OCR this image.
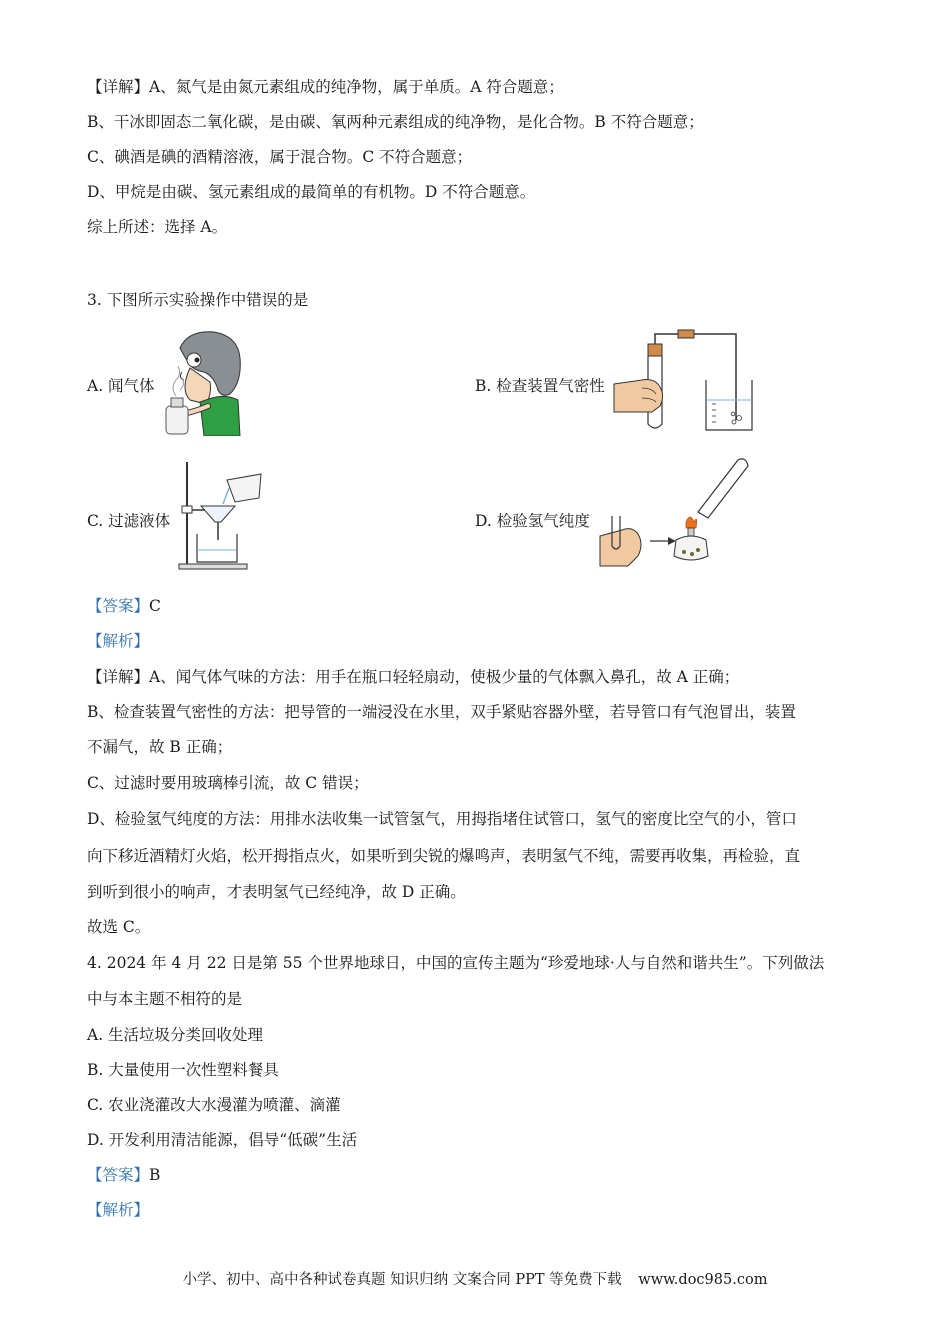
【详解】A、氮气是由氮元素组成的纯净物，属于单质。A 符合题意；
B、干冰即固态二氧化碳，是由碳、氧两种元素组成的纯净物，是化合物。B 不符合题意；
C、碘酒是碘的酒精溶液，属于混合物。C 不符合题意；
D、甲烷是由碳、氢元素组成的最简单的有机物。D 不符合题意。
综上所述：选择 A。
3. 下图所示实验操作中错误的是
A. 闻气体	B. 检查装置气密性
C. 过滤液体	D. 检验氢气纯度
【答案】C
【解析】
【详解】A、闻气体气味的方法：用手在瓶口轻轻扇动，使极少量的气体飘入鼻孔，故 A 正确；
B、检查装置气密性的方法：把导管的一端浸没在水里，双手紧贴容器外壁，若导管口有气泡冒出，装置
不漏气，故 B 正确；
C、过滤时要用玻璃棒引流，故 C 错误；
D、检验氢气纯度的方法：用排水法收集一试管氢气，用拇指堵住试管口，氢气的密度比空气的小，管口
向下移近酒精灯火焰，松开拇指点火，如果听到尖锐的爆鸣声，表明氢气不纯，需要再收集，再检验，直
到听到很小的响声，才表明氢气已经纯净，故 D 正确。
故选 C。
4. 2024 年 4 月 22 日是第 55 个世界地球日，中国的宣传主题为“珍爱地球·人与自然和谐共生”。下列做法
中与本主题不相符的是
A. 生活垃圾分类回收处理
B. 大量使用一次性塑料餐具
C. 农业浇灌改大水漫灌为喷灌、滴灌
D. 开发利用清洁能源，倡导“低碳”生活
【答案】B
【解析】
小学、初中、高中各种试卷真题 知识归纳 文案合同 PPT 等免费下载 www.doc985.com
